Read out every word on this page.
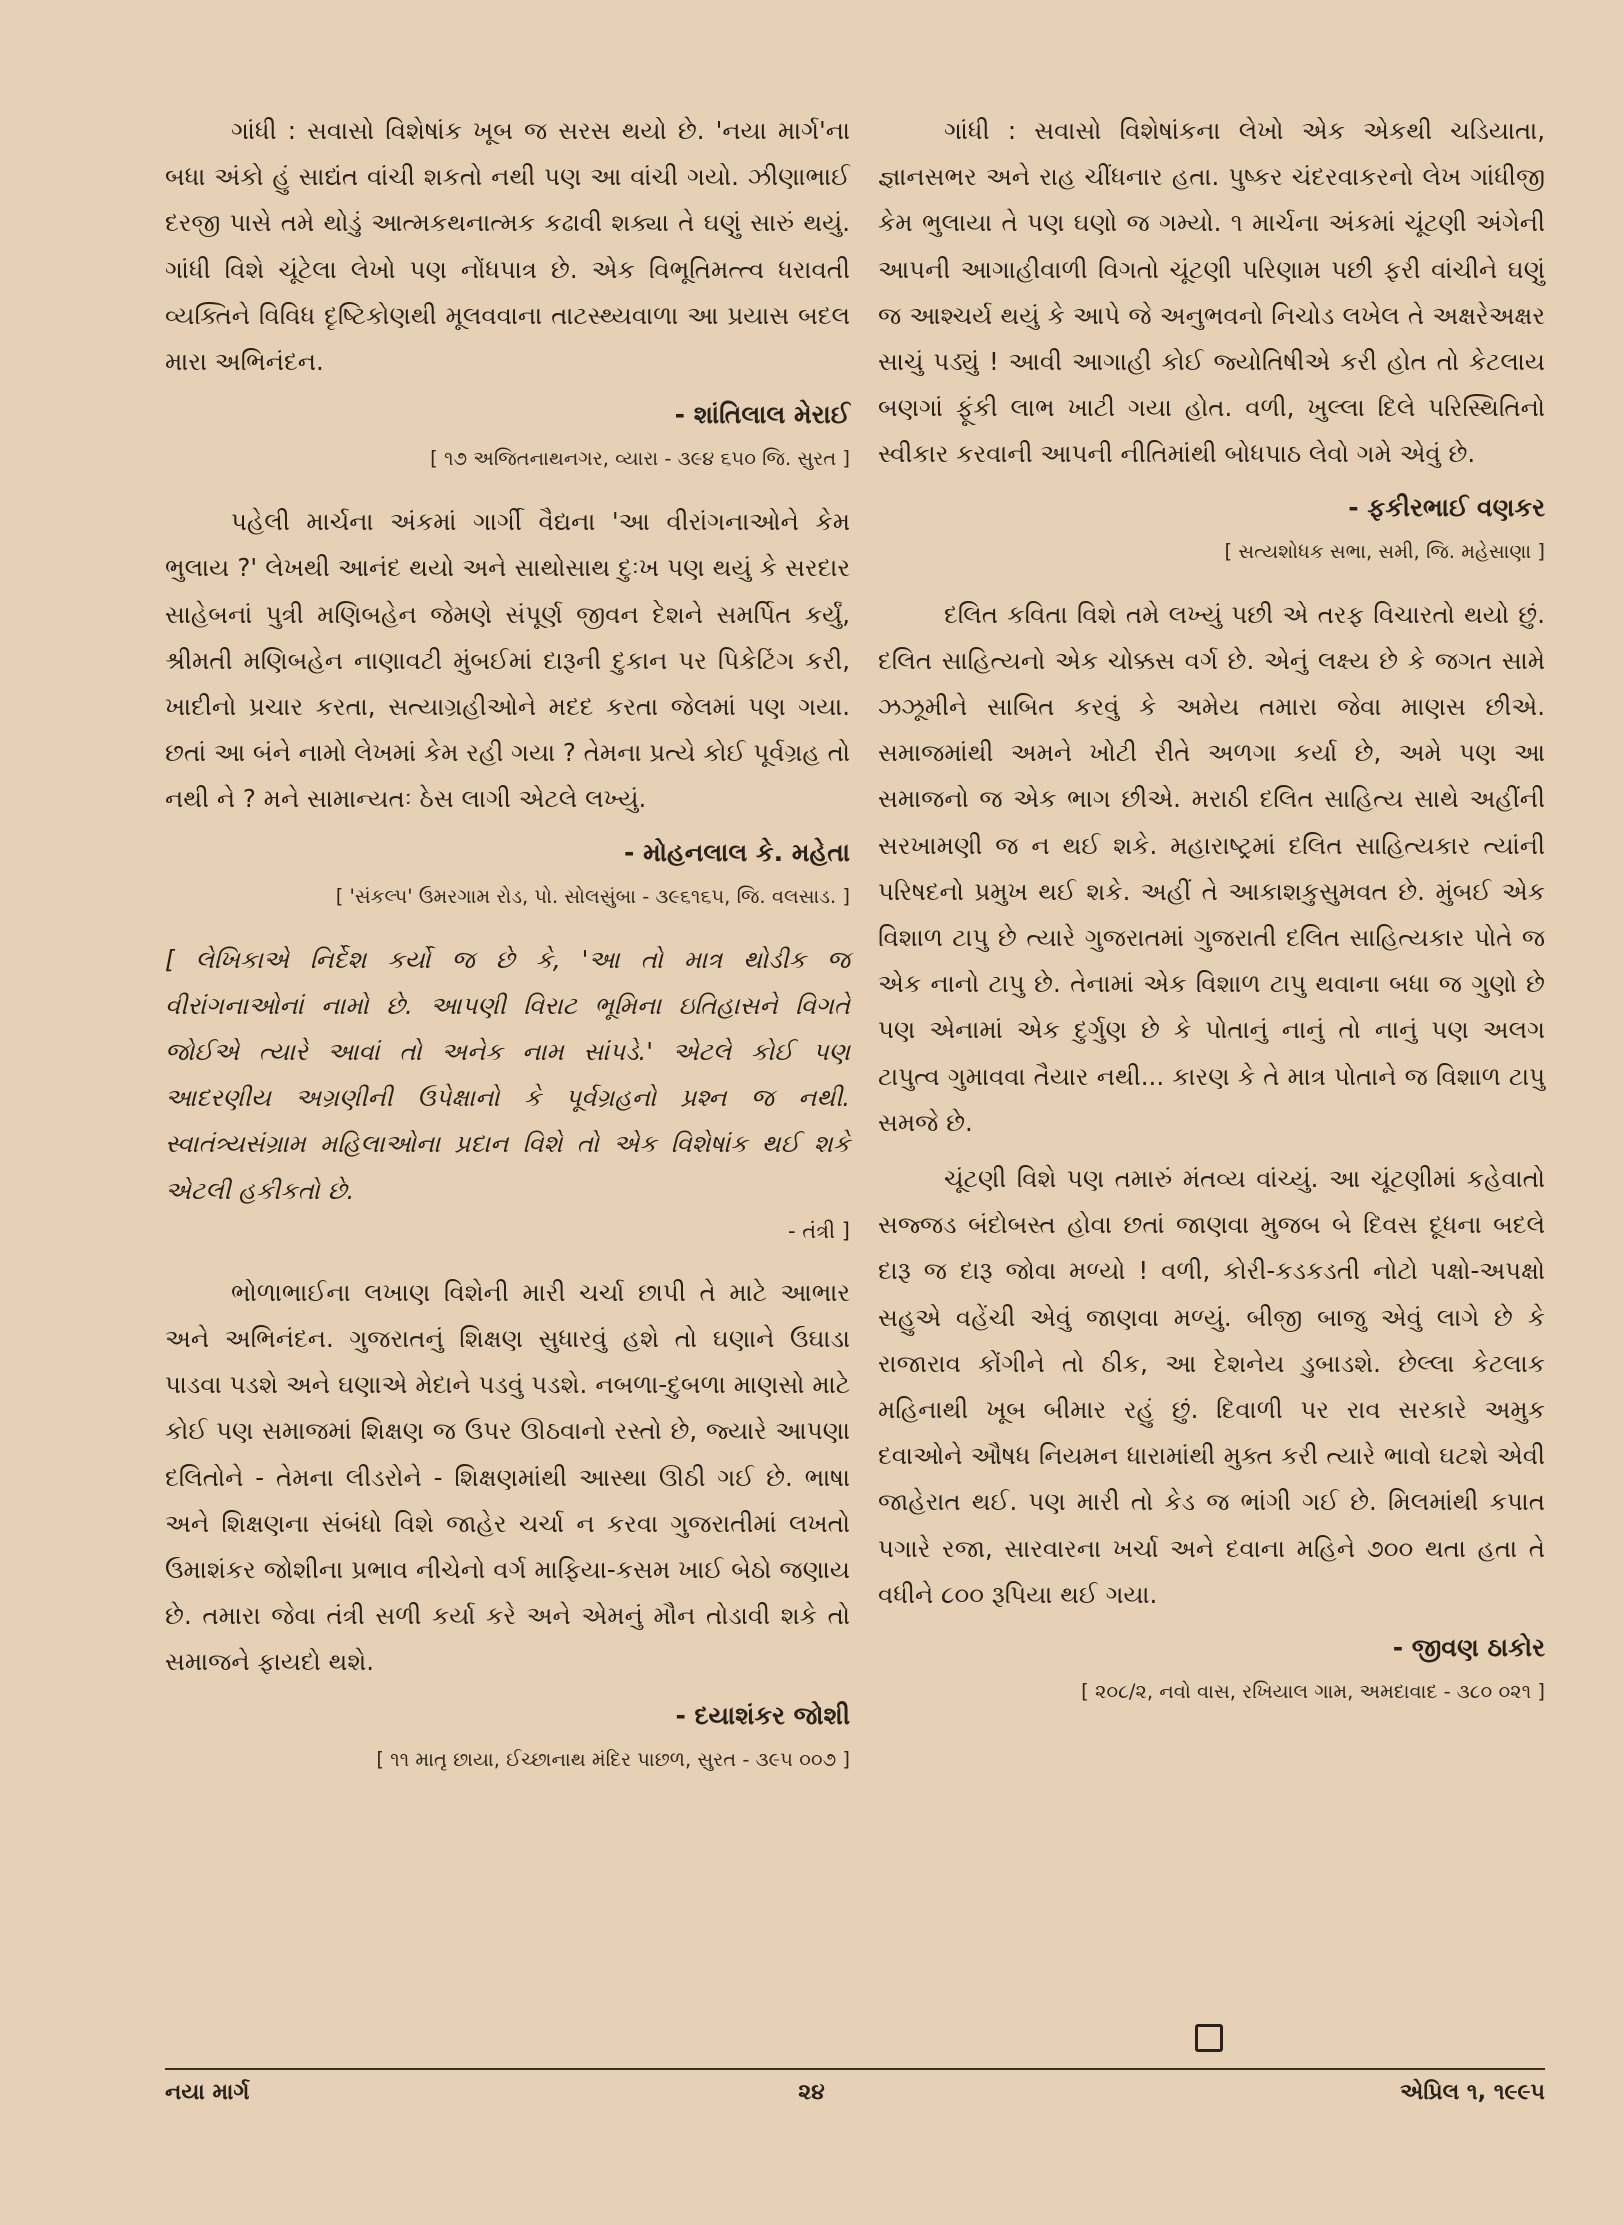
ગાંધી : સવાસો વિશેષાંક ખૂબ જ સરસ થયો છે. 'નયા માર્ગ'ના બધા અંકો હું સાદ્યંત વાંચી શકતો નથી પણ આ વાંચી ગયો. ઝીણાભાઈ દરજી પાસે તમે થોડું આત્મકથનાત્મક કઢાવી શક્યા તે ઘણું સારું થયું. ગાંધી વિશે ચૂંટેલા લેખો પણ નોંધપાત્ર છે. એક વિભૂતિમત્ત્વ ધરાવતી વ્યક્તિને વિવિધ દૃષ્ટિકોણથી મૂલવવાના તાટસ્થ્યવાળા આ પ્રયાસ બદલ મારા અભિનંદન.

- શાંતિલાલ મેરાઈ
[ ૧૭ અજિતનાથનગર, વ્યારા - ૩૯૪ ૬૫૦ જિ. સુરત ]

પહેલી માર્ચના અંકમાં ગાર્ગી વૈદ્યના 'આ વીરાંગનાઓને કેમ ભુલાય ?' લેખથી આનંદ થયો અને સાથોસાથ દુઃખ પણ થયું કે સરદાર સાહેબનાં પુત્રી મણિબહેન જેમણે સંપૂર્ણ જીવન દેશને સમર્પિત કર્યું, શ્રીમતી મણિબહેન નાણાવટી મુંબઈમાં દારૂની દુકાન પર પિકેટિંગ કરી, ખાદીનો પ્રચાર કરતા, સત્યાગ્રહીઓને મદદ કરતા જેલમાં પણ ગયા. છતાં આ બંને નામો લેખમાં કેમ રહી ગયા ? તેમના પ્રત્યે કોઈ પૂર્વગ્રહ તો નથી ને ? મને સામાન્યતઃ ઠેસ લાગી એટલે લખ્યું.

- મોહનલાલ કે. મહેતા
[ 'સંકલ્પ' ઉમરગામ રોડ, પો. સોલસુંબા - ૩૯૬૧૬૫, જિ. વલસાડ. ]
[ લેખિકાએ નિર્દેશ કર્યો જ છે કે, 'આ તો માત્ર થોડીક જ વીરાંગનાઓનાં નામો છે. આપણી વિરાટ ભૂમિના ઇતિહાસને વિગતે જોઈએ ત્યારે આવાં તો અનેક નામ સાંપડે.' એટલે કોઈ પણ આદરણીય અગ્રણીની ઉપેક્ષાનો કે પૂર્વગ્રહનો પ્રશ્ન જ નથી. સ્વાતંત્ર્યસંગ્રામ મહિલાઓના પ્રદાન વિશે તો એક વિશેષાંક થઈ શકે એટલી હકીકતો છે.
- તંત્રી ]

ભોળાભાઈના લખાણ વિશેની મારી ચર્ચા છાપી તે માટે આભાર અને અભિનંદન. ગુજરાતનું શિક્ષણ સુધારવું હશે તો ઘણાને ઉઘાડા પાડવા પડશે અને ઘણાએ મેદાને પડવું પડશે. નબળા-દુબળા માણસો માટે કોઈ પણ સમાજમાં શિક્ષણ જ ઉપર ઊઠવાનો રસ્તો છે, જ્યારે આપણા દલિતોને - તેમના લીડરોને - શિક્ષણમાંથી આસ્થા ઊઠી ગઈ છે. ભાષા અને શિક્ષણના સંબંધો વિશે જાહેર ચર્ચા ન કરવા ગુજરાતીમાં લખતો ઉમાશંકર જોશીના પ્રભાવ નીચેનો વર્ગ માફિયા-કસમ ખાઈ બેઠો જણાય છે. તમારા જેવા તંત્રી સળી કર્યા કરે અને એમનું મૌન તોડાવી શકે તો સમાજને ફાયદો થશે.

- દયાશંકર જોશી
[ ૧૧ માતૃ છાયા, ઈચ્છાનાથ મંદિર પાછળ, સુરત - ૩૯૫ ૦૦૭ ]

ગાંધી : સવાસો વિશેષાંકના લેખો એક એકથી ચડિયાતા, જ્ઞાનસભર અને રાહ ચીંધનાર હતા. પુષ્કર ચંદરવાકરનો લેખ ગાંધીજી કેમ ભુલાયા તે પણ ઘણો જ ગમ્યો. ૧ માર્ચના અંકમાં ચૂંટણી અંગેની આપની આગાહીવાળી વિગતો ચૂંટણી પરિણામ પછી ફરી વાંચીને ઘણું જ આશ્ચર્ય થયું કે આપે જે અનુભવનો નિચોડ લખેલ તે અક્ષરેઅક્ષર સાચું પડ્યું ! આવી આગાહી કોઈ જ્યોતિષીએ કરી હોત તો કેટલાય બણગાં ફૂંકી લાભ ખાટી ગયા હોત. વળી, ખુલ્લા દિલે પરિસ્થિતિનો સ્વીકાર કરવાની આપની નીતિમાંથી બોધપાઠ લેવો ગમે એવું છે.

- ફકીરભાઈ વણકર
[ સત્યશોધક સભા, સમી, જિ. મહેસાણા ]

દલિત કવિતા વિશે તમે લખ્યું પછી એ તરફ વિચારતો થયો છું. દલિત સાહિત્યનો એક ચોક્કસ વર્ગ છે. એનું લક્ષ્ય છે કે જગત સામે ઝઝૂમીને સાબિત કરવું કે અમેય તમારા જેવા માણસ છીએ. સમાજમાંથી અમને ખોટી રીતે અળગા કર્યા છે, અમે પણ આ સમાજનો જ એક ભાગ છીએ. મરાઠી દલિત સાહિત્ય સાથે અહીંની સરખામણી જ ન થઈ શકે. મહારાષ્ટ્રમાં દલિત સાહિત્યકાર ત્યાંની પરિષદનો પ્રમુખ થઈ શકે. અહીં તે આકાશકુસુમવત છે. મુંબઈ એક વિશાળ ટાપુ છે ત્યારે ગુજરાતમાં ગુજરાતી દલિત સાહિત્યકાર પોતે જ એક નાનો ટાપુ છે. તેનામાં એક વિશાળ ટાપુ થવાના બધા જ ગુણો છે પણ એનામાં એક દુર્ગુણ છે કે પોતાનું નાનું તો નાનું પણ અલગ ટાપુત્વ ગુમાવવા તૈયાર નથી... કારણ કે તે માત્ર પોતાને જ વિશાળ ટાપુ સમજે છે.

ચૂંટણી વિશે પણ તમારું મંતવ્ય વાંચ્યું. આ ચૂંટણીમાં કહેવાતો સજ્જડ બંદોબસ્ત હોવા છતાં જાણવા મુજબ બે દિવસ દૂધના બદલે દારૂ જ દારૂ જોવા મળ્યો ! વળી, કોરી-કડકડતી નોટો પક્ષો-અપક્ષો સહુએ વહેંચી એવું જાણવા મળ્યું. બીજી બાજુ એવું લાગે છે કે રાજારાવ કોંગીને તો ઠીક, આ દેશનેય ડુબાડશે. છેલ્લા કેટલાક મહિનાથી ખૂબ બીમાર રહું છું. દિવાળી પર રાવ સરકારે અમુક દવાઓને ઔષધ નિયમન ધારામાંથી મુક્ત કરી ત્યારે ભાવો ઘટશે એવી જાહેરાત થઈ. પણ મારી તો કેડ જ ભાંગી ગઈ છે. મિલમાંથી કપાત પગારે રજા, સારવારના ખર્ચા અને દવાના મહિને ૭૦૦ થતા હતા તે વધીને ૮૦૦ રૂપિયા થઈ ગયા.

- જીવણ ઠાકોર
[ ૨૦૮/૨, નવો વાસ, રખિયાલ ગામ, અમદાવાદ - ૩૮૦ ૦૨૧ ]
નયા માર્ગ	૨૪	એપ્રિલ ૧, ૧૯૯૫
